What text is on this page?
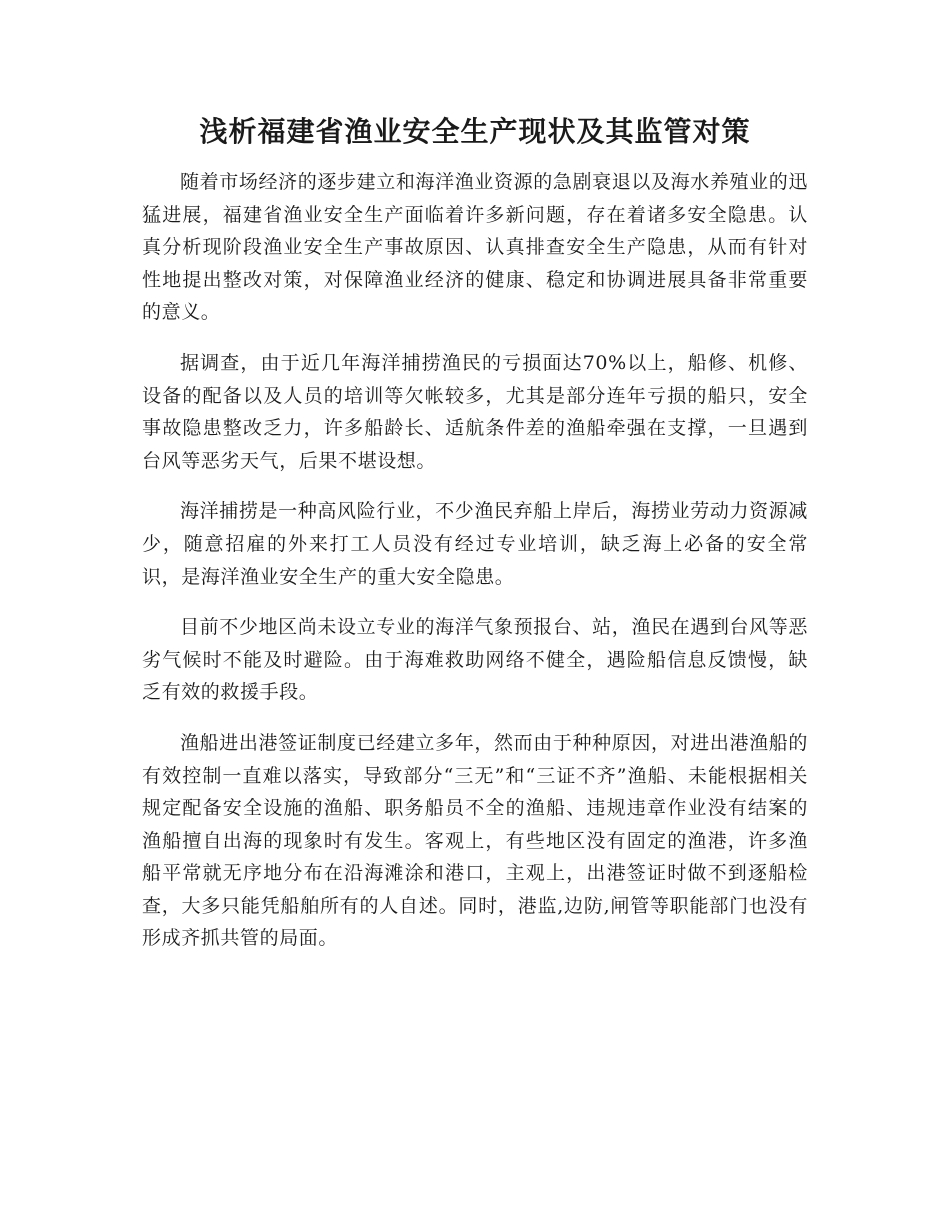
浅析福建省渔业安全生产现状及其监管对策

随着市场经济的逐步建立和海洋渔业资源的急剧衰退以及海水养殖业的迅猛进展，福建省渔业安全生产面临着许多新问题，存在着诸多安全隐患。认真分析现阶段渔业安全生产事故原因、认真排查安全生产隐患，从而有针对性地提出整改对策，对保障渔业经济的健康、稳定和协调进展具备非常重要的意义。

据调查，由于近几年海洋捕捞渔民的亏损面达70%以上，船修、机修、设备的配备以及人员的培训等欠帐较多，尤其是部分连年亏损的船只，安全事故隐患整改乏力，许多船龄长、适航条件差的渔船牵强在支撑，一旦遇到台风等恶劣天气，后果不堪设想。

海洋捕捞是一种高风险行业，不少渔民弃船上岸后，海捞业劳动力资源减少，随意招雇的外来打工人员没有经过专业培训，缺乏海上必备的安全常识，是海洋渔业安全生产的重大安全隐患。

目前不少地区尚未设立专业的海洋气象预报台、站，渔民在遇到台风等恶劣气候时不能及时避险。由于海难救助网络不健全，遇险船信息反馈慢，缺乏有效的救援手段。

渔船进出港签证制度已经建立多年，然而由于种种原因，对进出港渔船的有效控制一直难以落实，导致部分“三无”和“三证不齐”渔船、未能根据相关规定配备安全设施的渔船、职务船员不全的渔船、违规违章作业没有结案的渔船擅自出海的现象时有发生。客观上，有些地区没有固定的渔港，许多渔船平常就无序地分布在沿海滩涂和港口，主观上，出港签证时做不到逐船检查，大多只能凭船舶所有的人自述。同时，港监,边防,闸管等职能部门也没有形成齐抓共管的局面。
